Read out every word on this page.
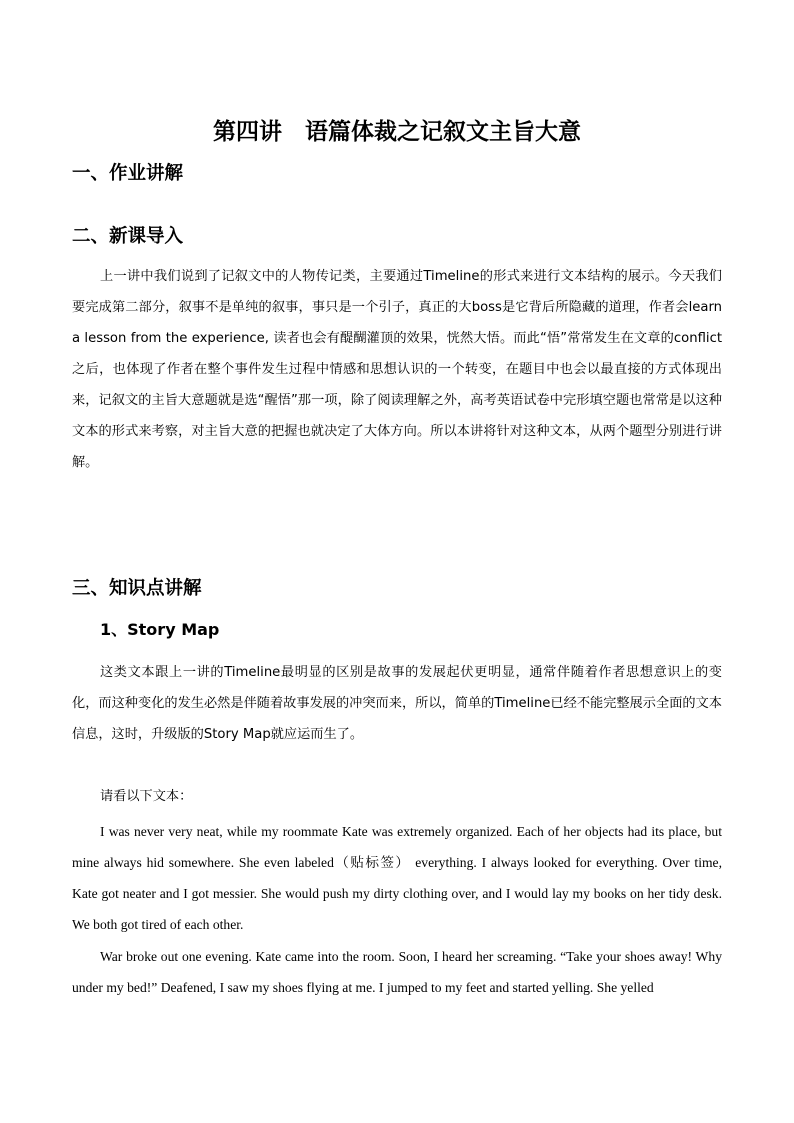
第四讲　语篇体裁之记叙文主旨大意
一、作业讲解
二、新课导入

上一讲中我们说到了记叙文中的人物传记类，主要通过Timeline的形式来进行文本结构的展示。今天我们要完成第二部分，叙事不是单纯的叙事，事只是一个引子，真正的大boss是它背后所隐藏的道理，作者会learn a lesson from the experience, 读者也会有醍醐灌顶的效果，恍然大悟。而此“悟”常常发生在文章的conflict之后，也体现了作者在整个事件发生过程中情感和思想认识的一个转变，在题目中也会以最直接的方式体现出来，记叙文的主旨大意题就是选“醒悟”那一项，除了阅读理解之外，高考英语试卷中完形填空题也常常是以这种文本的形式来考察，对主旨大意的把握也就决定了大体方向。所以本讲将针对这种文本，从两个题型分别进行讲解。

三、知识点讲解
1、Story Map

这类文本跟上一讲的Timeline最明显的区别是故事的发展起伏更明显，通常伴随着作者思想意识上的变化，而这种变化的发生必然是伴随着故事发展的冲突而来，所以，简单的Timeline已经不能完整展示全面的文本信息，这时，升级版的Story Map就应运而生了。

请看以下文本：

I was never very neat, while my roommate Kate was extremely organized. Each of her objects had its place, but mine always hid somewhere. She even labeled（贴标签） everything. I always looked for everything. Over time, Kate got neater and I got messier. She would push my dirty clothing over, and I would lay my books on her tidy desk. We both got tired of each other.

War broke out one evening. Kate came into the room. Soon, I heard her screaming. “Take your shoes away! Why under my bed!” Deafened, I saw my shoes flying at me. I jumped to my feet and started yelling. She yelled
